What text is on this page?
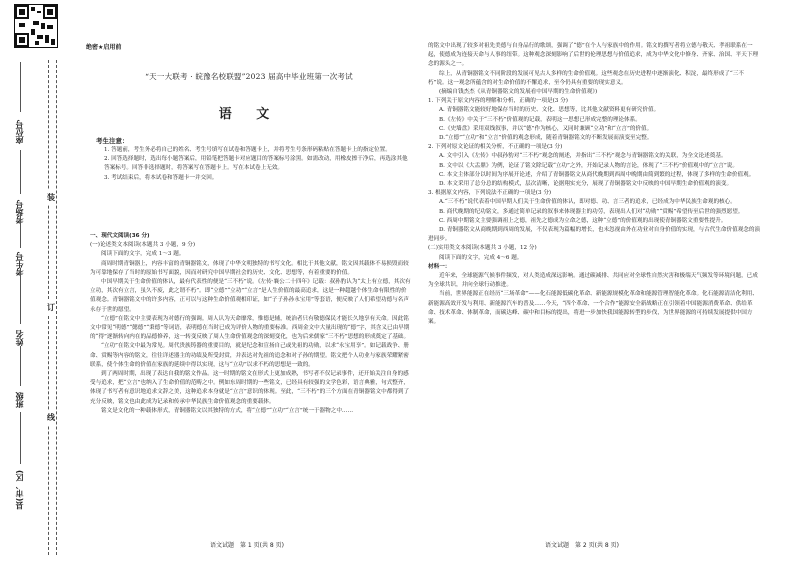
座位号
考场号
考生号
姓名
班级
县(市、区)
装
订
线
绝密★启用前
“天一大联考 · 皖豫名校联盟”2023 届高中毕业班第一次考试
语 文
考生注意：

1. 答题前，考生务必将自己的姓名、考生号填写在试卷和答题卡上，并将考生号条形码粘贴在答题卡上的指定位置。

2. 回答选择题时，选出每小题答案后，用铅笔把答题卡对应题目的答案标号涂黑。如需改动，用橡皮擦干净后，再选涂其他答案标号。回答非选择题时，将答案写在答题卡上。写在本试卷上无效。

3. 考试结束后，将本试卷和答题卡一并交回。

一、现代文阅读(36 分)

(一)论述类文本阅读(本题共 3 小题，9 分)

阅读下面的文字，完成 1～3 题。

商周时期青铜器上，内容丰富的青铜器铭文，体现了中华文明独特的书写文化。相比于其他文献，铭文因其载体不易损毁而较为可靠地保存了当时的原始书写面貌，因而对研究中国早期社会的历史、文化、思想等，有着重要的价值。

中国早期关于生命价值的体认，最有代表性的便是“三不朽”说。《左传·襄公二十四年》记载：叔孙豹认为“太上有立德，其次有立功，其次有立言，虽久不废，此之谓不朽”。即“立德”“立功”“立言”是人生价值的最高追求，这是一种超越个体生命有限性的价值观念。青铜器铭文中的许多内容，正可以与这种生命价值观相印证，如“子子孙孙永宝用”等套语，便反映了人们希望功德与名声永存于世的愿望。

“立德”在铭文中主要表现为对德行的强调。周人认为天命靡常，惟德是辅，统治者只有敬德保民才能长久地享有天命。因此铭文中常见“明德”“懿德”“秉德”等词语，表明德在当时已成为评价人物的重要标准。西周金文中大量出现的“德”字，其含义已由早期的“得”逐渐转向内在的品德修养，这一转变反映了周人生命价值观念的深刻变化，也为后来儒家“三不朽”思想的形成奠定了基础。

“立功”在铭文中最为常见。周代贵族铸器的重要目的，就是纪念和宣扬自己或先祖的功勋，以求“永宝用享”。如记载战争、册命、赏赐等内容的铭文，往往详述器主的功绩及所受封赏，并表达对先祖的追念和对子孙的期望。铭文把个人功业与家族荣耀紧密联系，使个体生命的价值在家族的延续中得以实现，这与“立功”以求不朽的思想是一致的。

到了两周时期，出现了表达自我的铭文作品。这一时期的铭文在形式上更加成熟，书写者不仅记录事件，还开始关注自身的感受与追求，把“立言”也纳入了生命价值的范畴之中。例如东周时期的一些铭文，已经具有较强的文学色彩，语言典雅，句式整齐，体现了书写者有意识地追求文辞之美，这种追求本身就是“立言”意识的体现。至此，“三不朽”的三个方面在青铜器铭文中都得到了充分反映，铭文也由此成为记录和传承中华民族生命价值观念的重要载体。

铭文是文化的一种载体形式，青铜器铭文以其独特的方式，将“立德”“立功”“立言”统一于器物之中……

的铭文中出现了较多对祖先美德与自身品行的歌颂，强调了“德”在个人与家族中的作用。铭文的撰写者将立德与敬天、孝祖联系在一起，使德成为连接天命与人事的纽带。这种观念深刻影响了后世的伦理思想与价值追求，成为中华文化中修身、齐家、治国、平天下理念的源头之一。

综上，从青铜器铭文不同阶段的发展可见古人多样的生命价值观。这些观念在历史进程中逐渐演化、积淀，最终形成了“三不朽”说。这一观念所蕴含的对生命价值的不懈追求，至今仍具有重要的现实意义。

(摘编自钱杰杰《从青铜器铭文的发展看中国早期的生命价值观》)

1. 下列关于原文内容的理解和分析，正确的一项是(3 分)

A. 青铜器铭文能较好地保存当时的历史、文化、思想等，比其他文献资料更有研究价值。

B.《左传》中关于“三不朽”价值观的记载，表明这一思想已形成完整的理论体系。

C.《史墙盘》采用双线叙事，并以“德”作为核心，又同时兼顾“立功”和“立言”的价值。

D.“立德”“立功”和“立言”价值的观念形成，随着青铜器铭文的不断发展而演变至完整。

2. 下列对原文论证的相关分析，不正确的一项是(3 分)

A. 文中引入《左传》中叔孙豹对“三不朽”观念的阐述，并指出“三不朽”观念与青铜器铭文的关联，为全文论述奠基。

B. 文中以《大盂鼎》为例，论证了铭文除记载“立功”之外，开始记录人物的言论，体现了“三不朽”价值观中的“立言”说。

C. 本文主体部分以时间为序展开论述，介绍了青铜器铭文从商代晚期到西周中晚期由简到繁的过程，体现了多样的生命价值观。

D. 本文采用了总分总的结构模式，层次清晰，论据翔实充分，展现了青铜器铭文中反映的中国早期生命价值观的演变。

3. 根据原文内容，下列说法不正确的一项是(3 分)

A.“三不朽”说代表着中国早期人们关于生命价值的体认，即对德、功、言三者的追求，已经成为中华民族生命观的核心。

B. 商代晚期的纪功铭文，多通过简单记录的叙事来体现器主的功劳，表现出人们对“功勋”“赏赐”希望传至后世的强烈愿望。

C. 西周中期铭文主要强调祖上之德，祖先之德成为立命之德，这种“立德”的价值观的出现使青铜器铭文重要性提升。

D. 青铜器铭文从商晚期到西周的发展，不仅表现为篇幅的增长，也未忽视由外在功业对自身价值的实现，与古代生命价值观念的演进同步。

(二)实用类文本阅读(本题共 3 小题，12 分)

阅读下面的文字，完成 4～6 题。

材料一：

近年来，全球能源气候事件频发，对人类造成深远影响。通过碳减排、共同应对全球性自然灾害和极端天气频发等环境问题，已成为全球共识，并向全球行动推进。

当前，世界能源正在经历“三场革命”——化石能源低碳化革命、新能源规模化革命和能源管理智能化革命。化石能源清洁化利用、新能源高效开发与利用、新能源汽车的普及……今天，“四个革命、一个合作”能源安全新战略正在引领着中国能源消费革命、供给革命、技术革命、体制革命，而碳达峰、碳中和目标的提出，将进一步加快我国能源转型的步伐，为世界能源的可持续发展提供中国方案。

语文试题　第 1 页(共 8 页)	语文试题　第 2 页(共 8 页)
